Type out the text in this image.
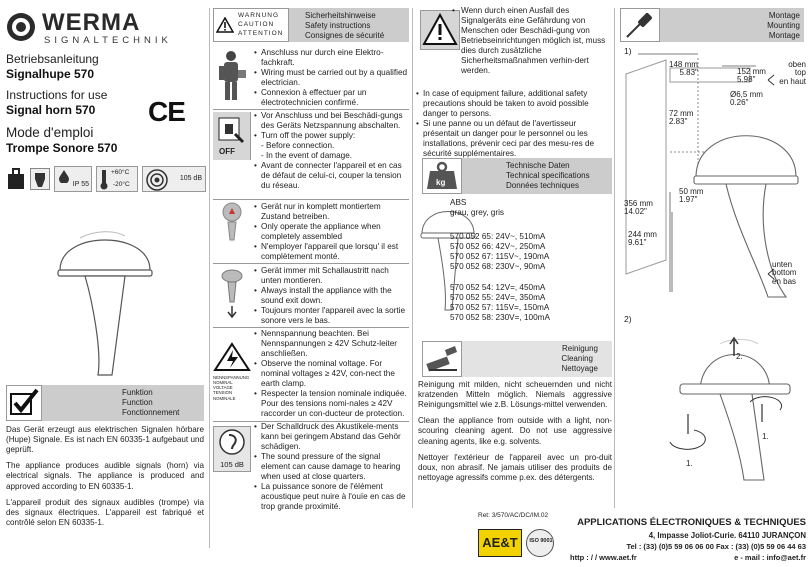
WERMA
SIGNALTECHNIK
Betriebsanleitung
Signalhupe 570
Instructions for use
Signal horn 570
Mode d'emploi
Trompe Sonore 570
CE
IP 55
+60°C
-20°C
105 dB
Funktion
Function
Fonctionnement

Das Gerät erzeugt aus elektrischen Signalen hörbare (Hupe) Signale. Es ist nach EN 60335-1 aufgebaut und geprüft.

The appliance produces audible signals (horn) via electrical signals. The appliance is produced and approved according to EN 60335-1.

L'appareil produit des signaux audibles (trompe) via des signaux électriques. L'appareil est fabriqué et contrôlé selon EN 60335-1.

WARNUNG
CAUTION
ATTENTION
Sicherheitshinweise
Safety instructions
Consignes de sécurité
• Anschluss nur durch eine Elektro-fachkraft.
• Wiring must be carried out by a qualified electrician.
• Connexion à effectuer par un électrotechnicien confirmé.
OFF
• Vor Anschluss und bei Beschädi-gungs des Geräts Netzspannung abschalten.
• Turn off the power supply:
- Before connection.
- In the event of damage.
• Avant de connecter l'appareil et en cas de défaut de celui-ci, couper la tension du réseau.
• Gerät nur in komplett montiertem Zustand betreiben.
• Only operate the appliance when completely assembled
• N'employer l'appareil que lorsqu' il est complètement monté.
• Gerät immer mit Schallaustritt nach unten montieren.
• Always install the appliance with the sound exit down.
• Toujours monter l'appareil avec la sortie sonore vers le bas.
NENNSPANNUNG
NOMINAL VOLTAGE
TENSION NOMINALE
• Nennspannung beachten. Bei Nennspannungen ≥ 42V Schutz-leiter anschließen.
• Observe the nominal voltage. For nominal voltages ≥ 42V, con-nect the earth clamp.
• Respecter la tension nominale indiquée. Pour des tensions nomi-nales ≥ 42V raccorder un con-ducteur de protection.
105 dB
• Der Schalldruck des Akustikele-ments kann bei geringem Abstand das Gehör schädigen.
• The sound pressure of the signal element can cause damage to hearing when used at close quarters.
• La puissance sonore de l'élément acoustique peut nuire à l'ouïe en cas de trop grande proximité.
• Wenn durch einen Ausfall des Signalgeräts eine Gefährdung von Menschen oder Beschädi-gung von Betriebseinrichtungen möglich ist, muss dies durch zusätzliche Sicherheitsmaßnahmen verhin-dert werden.
• In case of equipment failure, additional safety precautions should be taken to avoid possible danger to persons.
• Si une panne ou un défaut de l'avertisseur présentait un danger pour le personnel ou les installations, prévenir ceci par des mesu-res de sécurité supplémentaires.
kg
Technische Daten
Technical specifications
Données techniques
ABS
grau, grey, gris
570 052 65: 24V~, 510mA
570 052 66: 42V~, 250mA
570 052 67: 115V~, 190mA
570 052 68: 230V~, 90mA
570 052 54: 12V=, 450mA
570 052 55: 24V=, 350mA
570 052 57: 115V=, 150mA
570 052 58: 230V=, 100mA
Reinigung
Cleaning
Nettoyage

Reinigung mit milden, nicht scheuernden und nicht kratzenden Mitteln möglich. Niemals aggressive Reinigungsmittel wie z.B. Lösungs-mittel verwenden.

Clean the appliance from outside with a light, non-scouring cleaning agent. Do not use aggressive cleaning agents, like e.g. solvents.

Nettoyer l'extérieur de l'appareil avec un pro-duit doux, non abrasif. Ne jamais utiliser des produits de nettoyage agressifs comme p.ex. des détergents.

Montage
Mounting
Montage
1)
148 mm
5.83"	152 mm
5.98"
Ø6,5 mm
0.26"
oben
top
en haut
72 mm
2.83"
50 mm
1.97"
356 mm
14.02"
244 mm
9.61"
unten
bottom
en bas
2)
2.
1.
1.
Ret: 3/570/AC/DC/IM.02
AE&T	ISO 9001
APPLICATIONS ÉLECTRONIQUES & TECHNIQUES
4, Impasse Joliot-Curie. 64110 JURANÇON
Tel : (33) (0)5 59 06 06 00 Fax : (33) (0)5 59 06 44 63
http : / / www.aet.fr	e - mail : info@aet.fr
